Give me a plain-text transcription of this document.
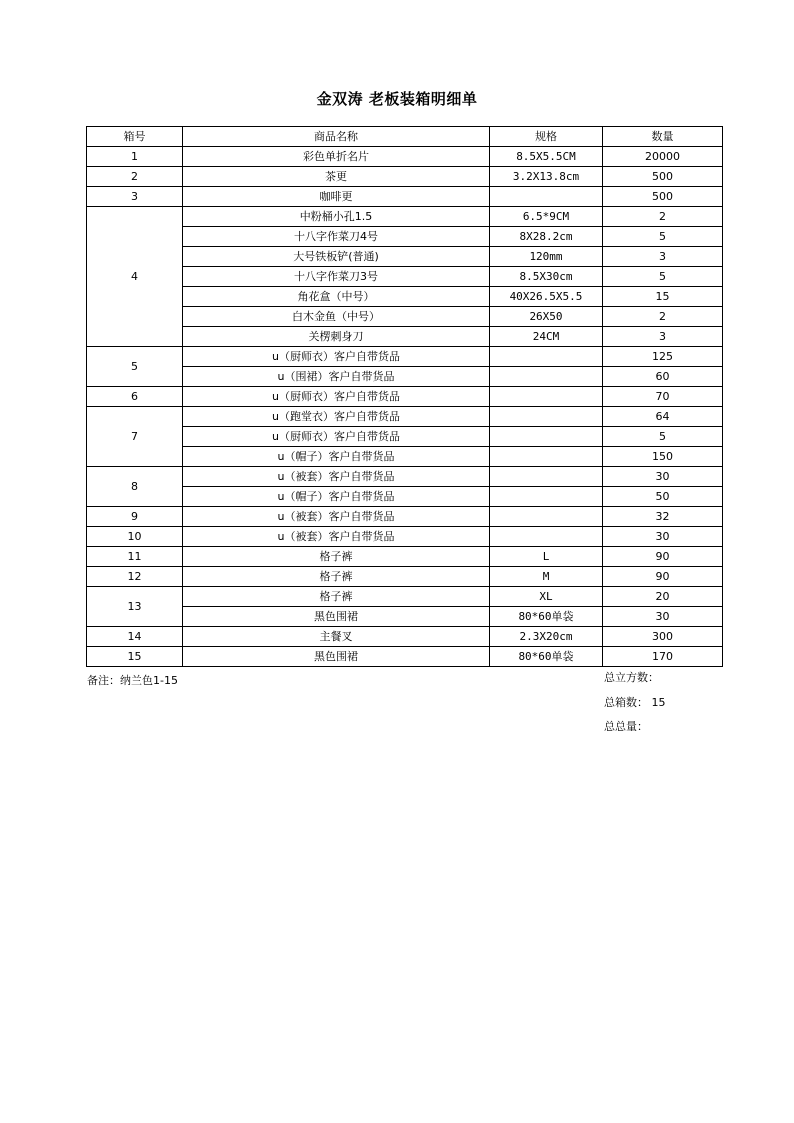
金双涛 老板装箱明细单
箱号	商品名称	规格	数量
1	彩色单折名片	8.5X5.5CM	20000
2	茶更	3.2X13.8cm	500
3	咖啡更		500
4	中粉桶小孔1.5	6.5*9CM	2
	十八字作菜刀4号	8X28.2cm	5
	大号铁板铲(普通)	120mm	3
	十八字作菜刀3号	8.5X30cm	5
	角花盒（中号）	40X26.5X5.5	15
	白木金鱼（中号）	26X50	2
	关楞刺身刀	24CM	3
5	u（厨师衣）客户自带货品		125
	u（围裙）客户自带货品		60
6	u（厨师衣）客户自带货品		70
7	u（跑堂衣）客户自带货品		64
	u（厨师衣）客户自带货品		5
	u（帽子）客户自带货品		150
8	u（被套）客户自带货品		30
	u（帽子）客户自带货品		50
9	u（被套）客户自带货品		32
10	u（被套）客户自带货品		30
11	格子裤	L	90
12	格子裤	M	90
13	格子裤	XL	20
	黑色围裙	80*60单袋	30
14	主餐叉	2.3X20cm	300
15	黑色围裙	80*60单袋	170
备注：纳兰色1-15	总立方数：
总箱数： 15
总总量：
